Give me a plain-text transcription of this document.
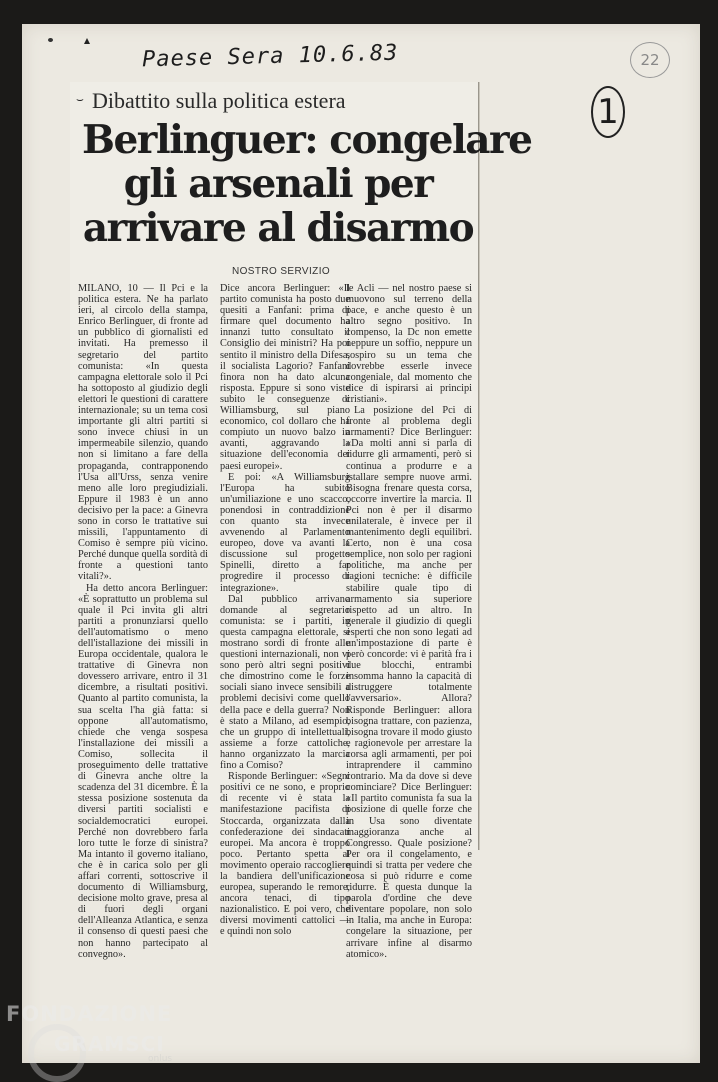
Paese Sera 10.6.83	22
1
⌣ Dibattito sulla politica estera
Berlinguer: congelare
gli arsenali per
arrivare al disarmo
NOSTRO SERVIZIO

MILANO, 10 — Il Pci e la politica estera. Ne ha parlato ieri, al circolo della stampa, Enrico Berlinguer, di fronte ad un pubblico di giornalisti ed invitati. Ha premesso il segretario del partito comunista: «In questa campagna elettorale solo il Pci ha sottoposto al giudizio degli elettori le questioni di carattere internazionale; su un tema così importante gli altri partiti si sono invece chiusi in un impermeabile silenzio, quando non si limitano a fare della propaganda, contrapponendo l'Usa all'Urss, senza venire meno alle loro pregiudiziali. Eppure il 1983 è un anno decisivo per la pace: a Ginevra sono in corso le trattative sui missili, l'appuntamento di Comiso è sempre più vicino. Perché dunque quella sordità di fronte a questioni tanto vitali?».

Ha detto ancora Berlinguer: «È soprattutto un problema sul quale il Pci invita gli altri partiti a pronunziarsi quello dell'automatismo o meno dell'istallazione dei missili in Europa occidentale, qualora le trattative di Ginevra non dovessero arrivare, entro il 31 dicembre, a risultati positivi. Quanto al partito comunista, la sua scelta l'ha già fatta: si oppone all'automatismo, chiede che venga sospesa l'installazione dei missili a Comiso, sollecita il proseguimento delle trattative di Ginevra anche oltre la scadenza del 31 dicembre. È la stessa posizione sostenuta da diversi partiti socialisti e socialdemocratici europei. Perché non dovrebbero farla loro tutte le forze di sinistra? Ma intanto il governo italiano, che è in carica solo per gli affari correnti, sottoscrive il documento di Williamsburg, decisione molto grave, presa al di fuori degli organi dell'Alleanza Atlantica, e senza il consenso di questi paesi che non hanno partecipato al convegno».

Dice ancora Berlinguer: «Il partito comunista ha posto due quesiti a Fanfani: prima di firmare quel documento ha innanzi tutto consultato il Consiglio dei ministri? Ha poi sentito il ministro della Difesa, il socialista Lagorio? Fanfani finora non ha dato alcuna risposta. Eppure si sono viste subito le conseguenze di Williamsburg, sul piano economico, col dollaro che ha compiuto un nuovo balzo in avanti, aggravando la situazione dell'economia dei paesi europei».

E poi: «A Williamsburg l'Europa ha subito un'umiliazione e uno scacco, ponendosi in contraddizione con quanto sta invece avvenendo al Parlamento europeo, dove va avanti la discussione sul progetto Spinelli, diretto a far progredire il processo di integrazione».

Dal pubblico arrivano domande al segretario comunista: se i partiti, in questa campagna elettorale, si mostrano sordi di fronte alle questioni internazionali, non vi sono però altri segni positivi che dimostrino come le forze sociali siano invece sensibili a problemi decisivi come quello della pace e della guerra? Non è stato a Milano, ad esempio, che un gruppo di intellettuali, assieme a forze cattoliche, hanno organizzato la marcia fino a Comiso?

Risponde Berlinguer: «Segni positivi ce ne sono, e proprio di recente vi è stata la manifestazione pacifista di Stoccarda, organizzata dalla confederazione dei sindacati europei. Ma ancora è troppo poco. Pertanto spetta al movimento operaio raccogliere la bandiera dell'unificazione europea, superando le remore, ancora tenaci, di tipo nazionalistico. E poi vero, che diversi movimenti cattolici — e quindi non solo

le Acli — nel nostro paese si muovono sul terreno della pace, e anche questo è un altro segno positivo. In compenso, la Dc non emette neppure un soffio, neppure un sospiro su un tema che dovrebbe esserle invece congeniale, dal momento che dice di ispirarsi ai principi cristiani».

La posizione del Pci di fronte al problema degli armamenti? Dice Berlinguer: «Da molti anni si parla di ridurre gli armamenti, però si continua a produrre e a istallare sempre nuove armi. Bisogna frenare questa corsa, occorre invertire la marcia. Il Pci non è per il disarmo unilaterale, è invece per il mantenimento degli equilibri. Certo, non è una cosa semplice, non solo per ragioni politiche, ma anche per ragioni tecniche: è difficile stabilire quale tipo di armamento sia superiore rispetto ad un altro. In generale il giudizio di quegli esperti che non sono legati ad un'impostazione di parte è però concorde: vi è parità fra i due blocchi, entrambi insomma hanno la capacità di distruggere totalmente l'avversario». Allora? Risponde Berlinguer: allora bisogna trattare, con pazienza, bisogna trovare il modo giusto e ragionevole per arrestare la corsa agli armamenti, per poi intraprendere il cammino contrario. Ma da dove si deve cominciare? Dice Berlinguer: «Il partito comunista fa sua la posizione di quelle forze che in Usa sono diventate maggioranza anche al Congresso. Quale posizione? Per ora il congelamento, e quindi si tratta per vedere che cosa si può ridurre e come ridurre. È questa dunque la parola d'ordine che deve diventare popolare, non solo in Italia, ma anche in Europa: congelare la situazione, per arrivare infine al disarmo atomico».

FONDAZIONE
GRAMSCI
onlus
